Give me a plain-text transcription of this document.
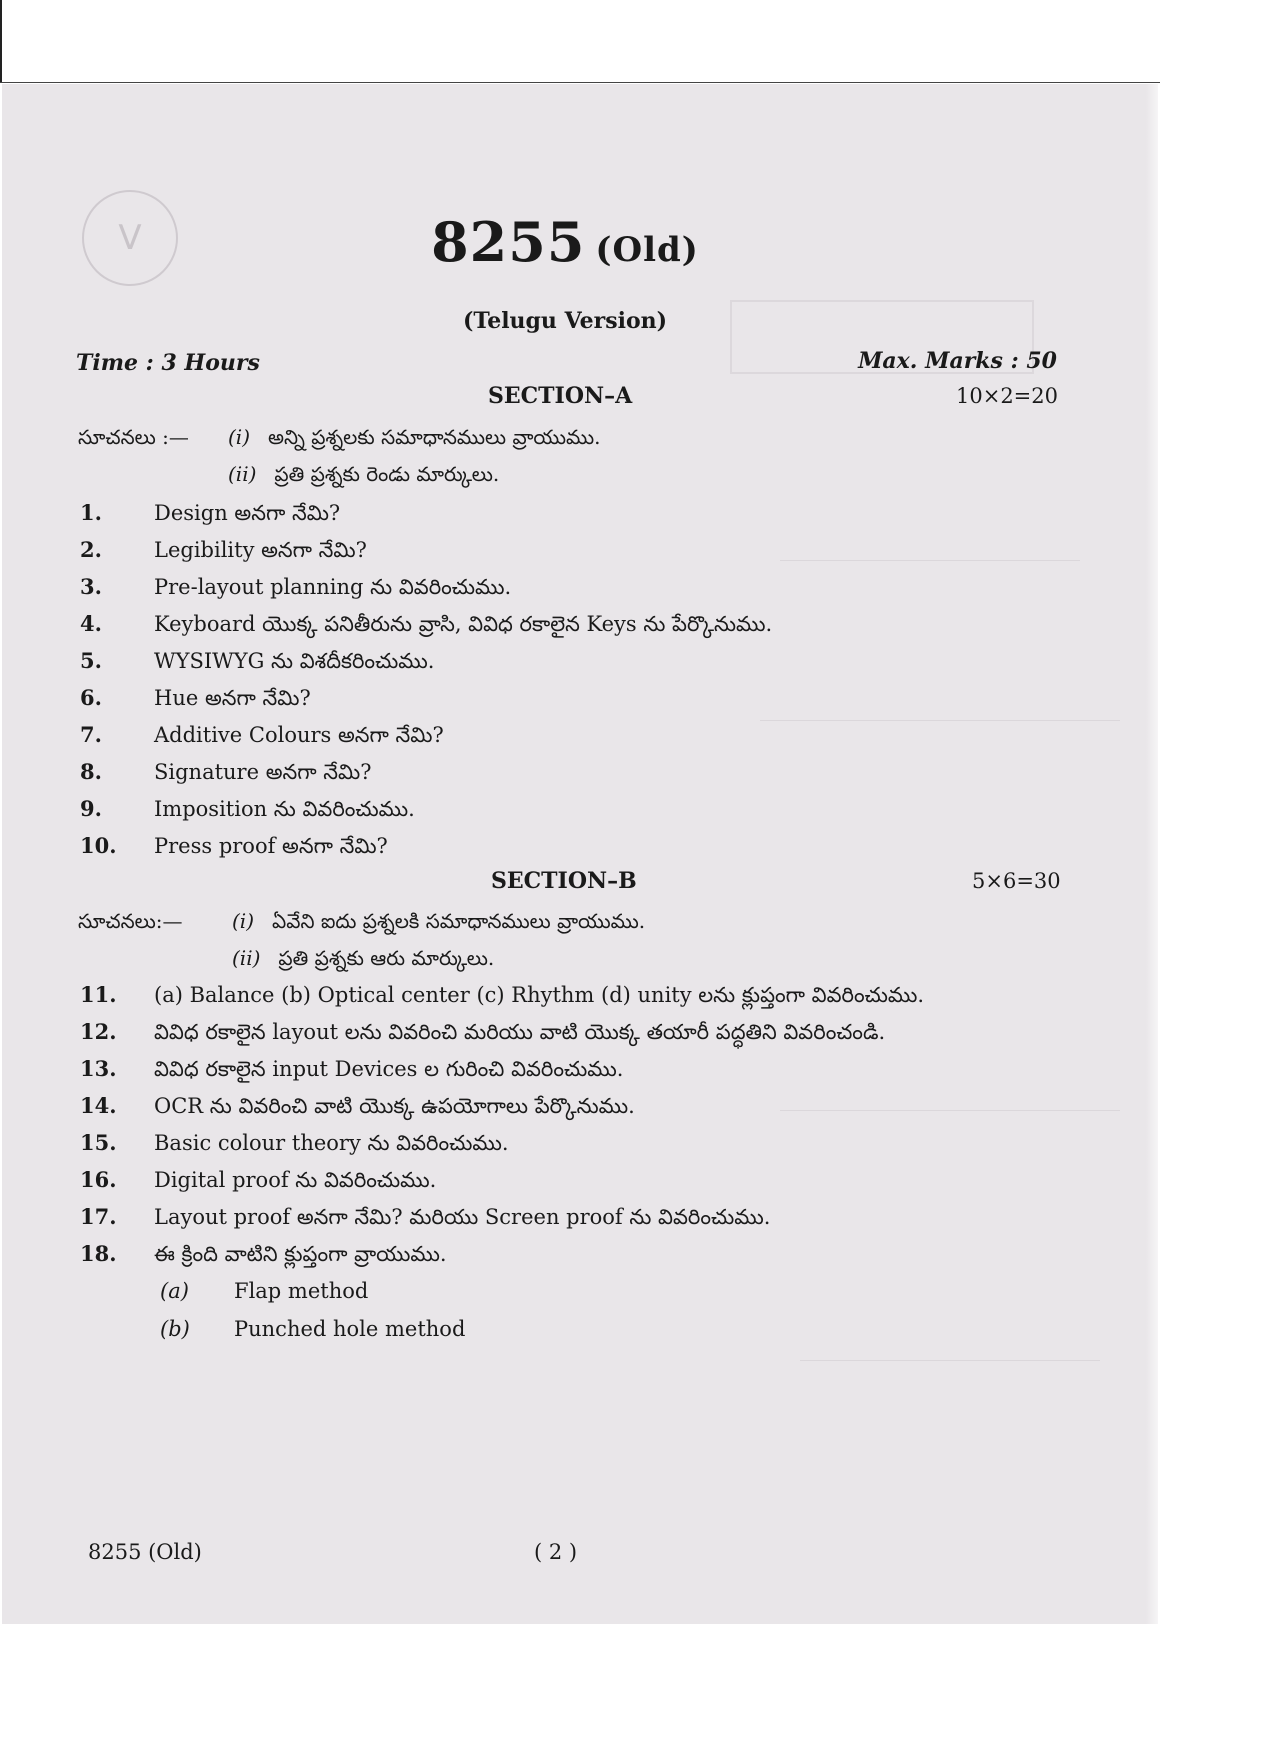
V	8255 (Old)
(Telugu Version)
Time : 3 Hours	Max. Marks : 50
SECTION–A	10×2=20
సూచనలు :— (i) అన్ని ప్రశ్నలకు సమాధానములు వ్రాయుము.
(ii) ప్రతి ప్రశ్నకు రెండు మార్కులు.
1. Design అనగా నేమి?
2. Legibility అనగా నేమి?
3. Pre-layout planning ను వివరించుము.
4. Keyboard యొక్క పనితీరును వ్రాసి, వివిధ రకాలైన Keys ను పేర్కొనుము.
5. WYSIWYG ను విశదీకరించుము.
6. Hue అనగా నేమి?
7. Additive Colours అనగా నేమి?
8. Signature అనగా నేమి?
9. Imposition ను వివరించుము.
10. Press proof అనగా నేమి?
SECTION–B	5×6=30
సూచనలు:— (i) ఏవేని ఐదు ప్రశ్నలకి సమాధానములు వ్రాయుము.
(ii) ప్రతి ప్రశ్నకు ఆరు మార్కులు.
11. (a) Balance (b) Optical center (c) Rhythm (d) unity లను క్లుప్తంగా వివరించుము.
12. వివిధ రకాలైన layout లను వివరించి మరియు వాటి యొక్క తయారీ పద్ధతిని వివరించండి.
13. వివిధ రకాలైన input Devices ల గురించి వివరించుము.
14. OCR ను వివరించి వాటి యొక్క ఉపయోగాలు పేర్కొనుము.
15. Basic colour theory ను వివరించుము.
16. Digital proof ను వివరించుము.
17. Layout proof అనగా నేమి? మరియు Screen proof ను వివరించుము.
18. ఈ క్రింది వాటిని క్లుప్తంగా వ్రాయుము.
(a) Flap method
(b) Punched hole method
8255 (Old)	( 2 )
